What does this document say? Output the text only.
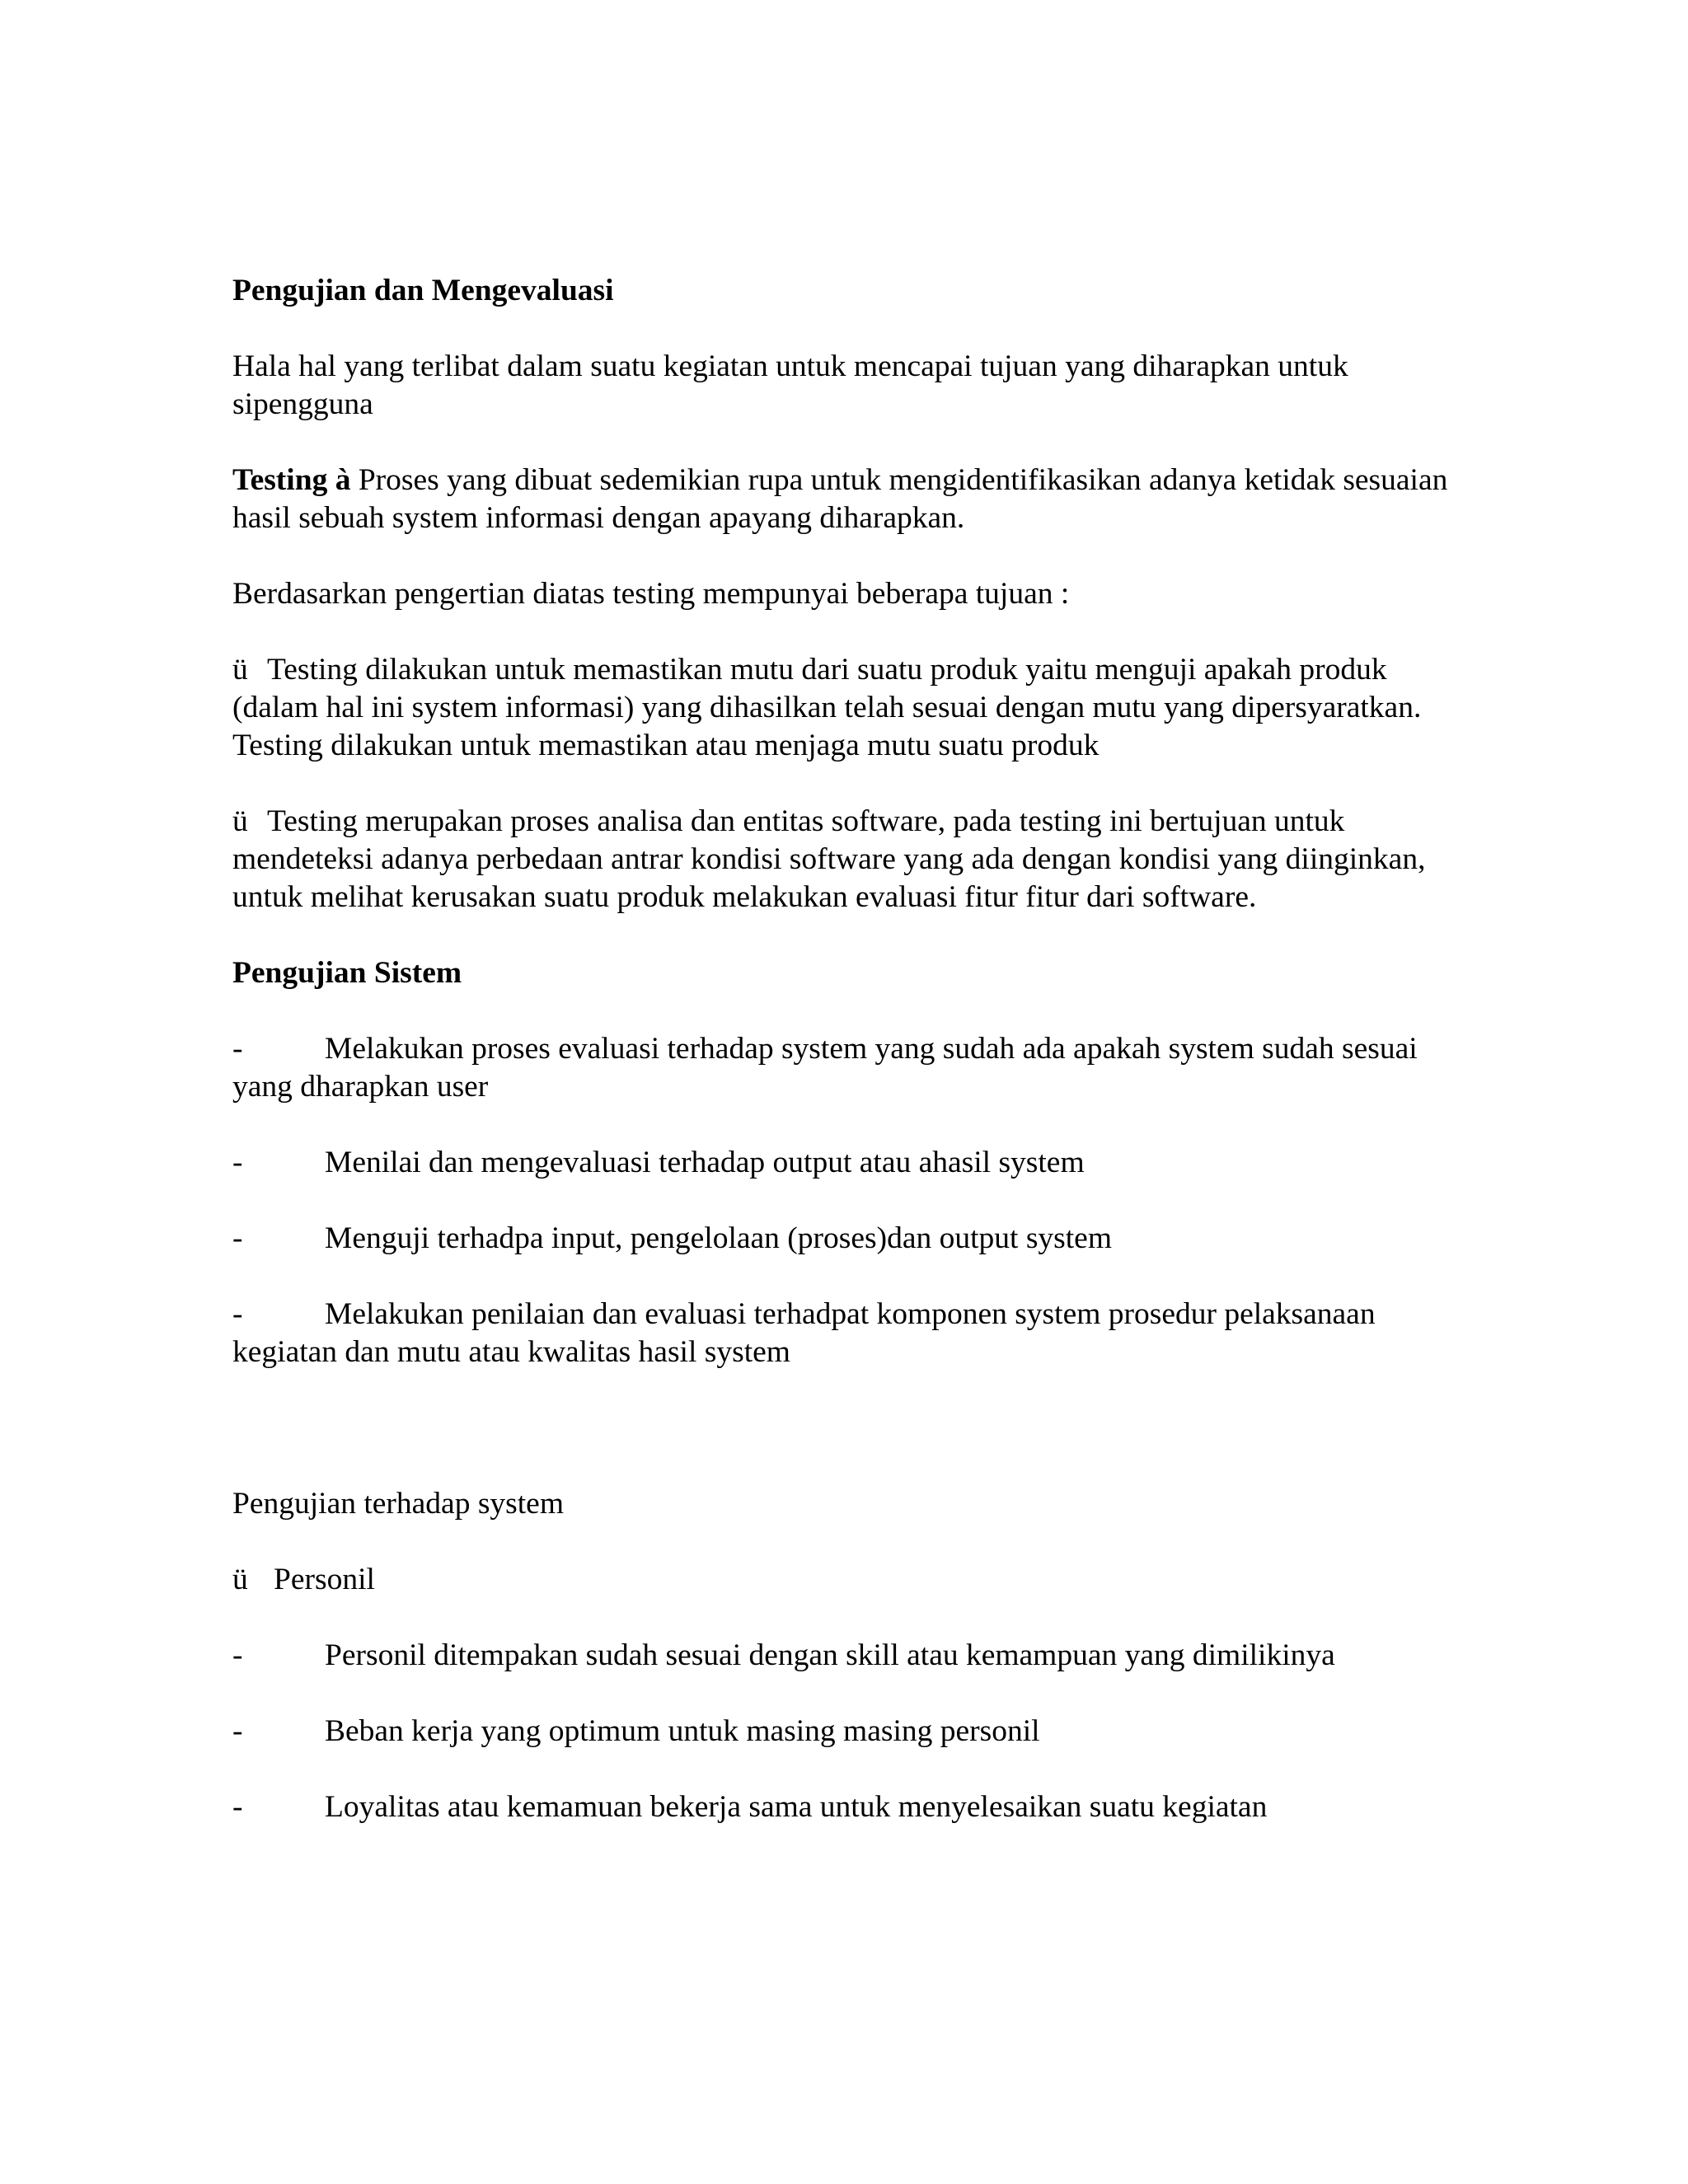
Pengujian dan Mengevaluasi

Hala hal yang terlibat dalam suatu kegiatan untuk mencapai tujuan yang diharapkan untuk sipengguna

Testing à Proses yang dibuat sedemikian rupa untuk mengidentifikasikan adanya ketidak sesuaian hasil sebuah system informasi dengan apayang diharapkan.

Berdasarkan pengertian diatas testing mempunyai beberapa tujuan :

ü Testing dilakukan untuk memastikan mutu dari suatu produk yaitu menguji apakah produk (dalam hal ini system informasi) yang dihasilkan telah sesuai dengan mutu yang dipersyaratkan. Testing dilakukan untuk memastikan atau menjaga mutu suatu produk

ü Testing merupakan proses analisa dan entitas software, pada testing ini bertujuan untuk mendeteksi adanya perbedaan antrar kondisi software yang ada dengan kondisi yang diinginkan, untuk melihat kerusakan suatu produk melakukan evaluasi fitur fitur dari software.

Pengujian Sistem

-	Melakukan proses evaluasi terhadap system yang sudah ada apakah system sudah sesuai yang dharapkan user

-	Menilai dan mengevaluasi terhadap output atau ahasil system

-	Menguji terhadpa input, pengelolaan (proses)dan output system

-	Melakukan penilaian dan evaluasi terhadpat komponen system prosedur pelaksanaan kegiatan dan mutu atau kwalitas hasil system

Pengujian terhadap system

ü Personil

-	Personil ditempakan sudah sesuai dengan skill atau kemampuan yang dimilikinya

-	Beban kerja yang optimum untuk masing masing personil

-	Loyalitas atau kemamuan bekerja sama untuk menyelesaikan suatu kegiatan
